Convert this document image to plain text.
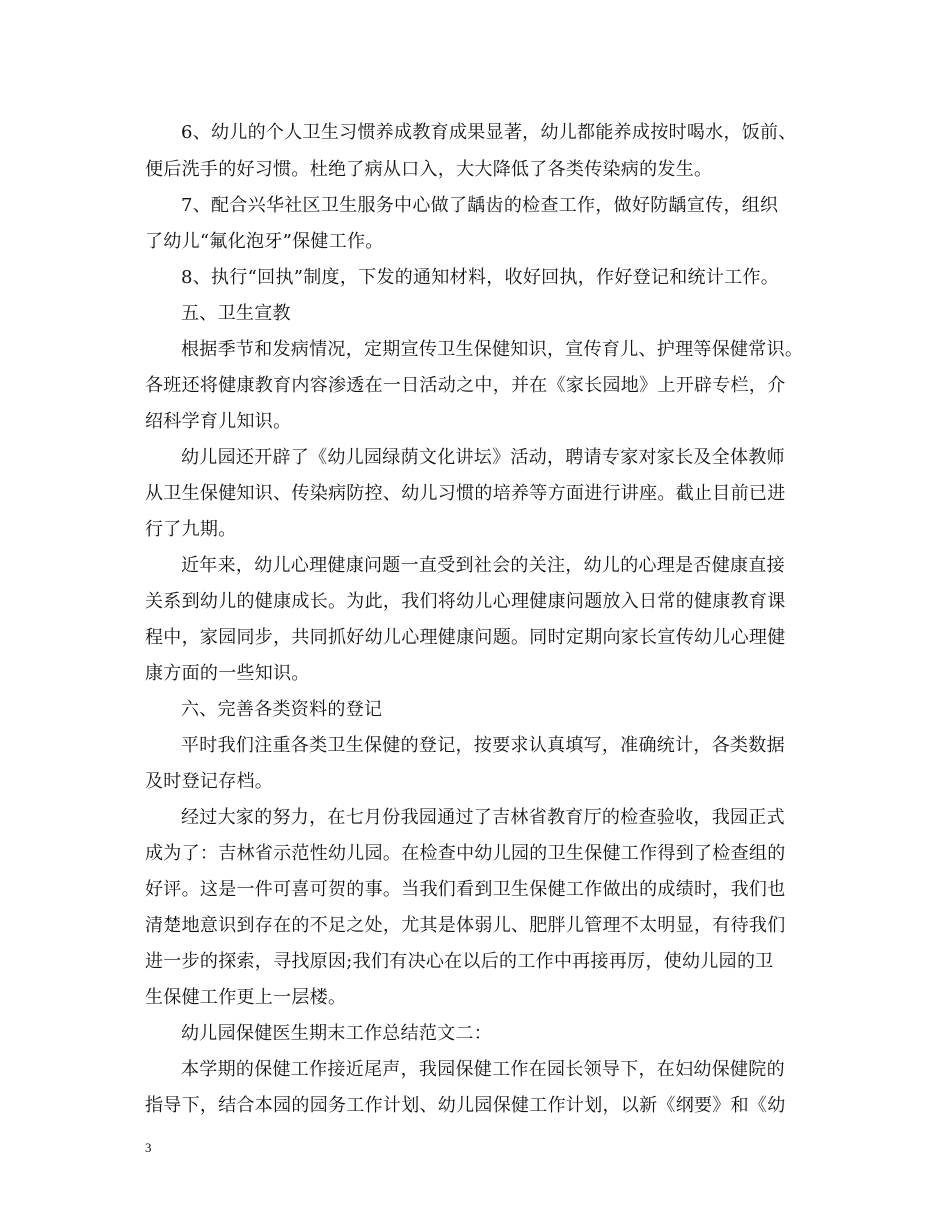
6、幼儿的个人卫生习惯养成教育成果显著，幼儿都能养成按时喝水，饭前、
便后洗手的好习惯。杜绝了病从口入，大大降低了各类传染病的发生。
7、配合兴华社区卫生服务中心做了龋齿的检查工作，做好防龋宣传，组织
了幼儿“氟化泡牙”保健工作。
8、执行“回执”制度，下发的通知材料，收好回执，作好登记和统计工作。
五、卫生宣教
根据季节和发病情况，定期宣传卫生保健知识，宣传育儿、护理等保健常识。
各班还将健康教育内容渗透在一日活动之中，并在《家长园地》上开辟专栏，介
绍科学育儿知识。
幼儿园还开辟了《幼儿园绿荫文化讲坛》活动，聘请专家对家长及全体教师
从卫生保健知识、传染病防控、幼儿习惯的培养等方面进行讲座。截止目前已进
行了九期。
近年来，幼儿心理健康问题一直受到社会的关注，幼儿的心理是否健康直接
关系到幼儿的健康成长。为此，我们将幼儿心理健康问题放入日常的健康教育课
程中，家园同步，共同抓好幼儿心理健康问题。同时定期向家长宣传幼儿心理健
康方面的一些知识。
六、完善各类资料的登记
平时我们注重各类卫生保健的登记，按要求认真填写，准确统计，各类数据
及时登记存档。
经过大家的努力，在七月份我园通过了吉林省教育厅的检查验收，我园正式
成为了：吉林省示范性幼儿园。在检查中幼儿园的卫生保健工作得到了检查组的
好评。这是一件可喜可贺的事。当我们看到卫生保健工作做出的成绩时，我们也
清楚地意识到存在的不足之处，尤其是体弱儿、肥胖儿管理不太明显，有待我们
进一步的探索，寻找原因;我们有决心在以后的工作中再接再厉，使幼儿园的卫
生保健工作更上一层楼。
幼儿园保健医生期末工作总结范文二：
本学期的保健工作接近尾声，我园保健工作在园长领导下，在妇幼保健院的
指导下，结合本园的园务工作计划、幼儿园保健工作计划，以新《纲要》和《幼
3
